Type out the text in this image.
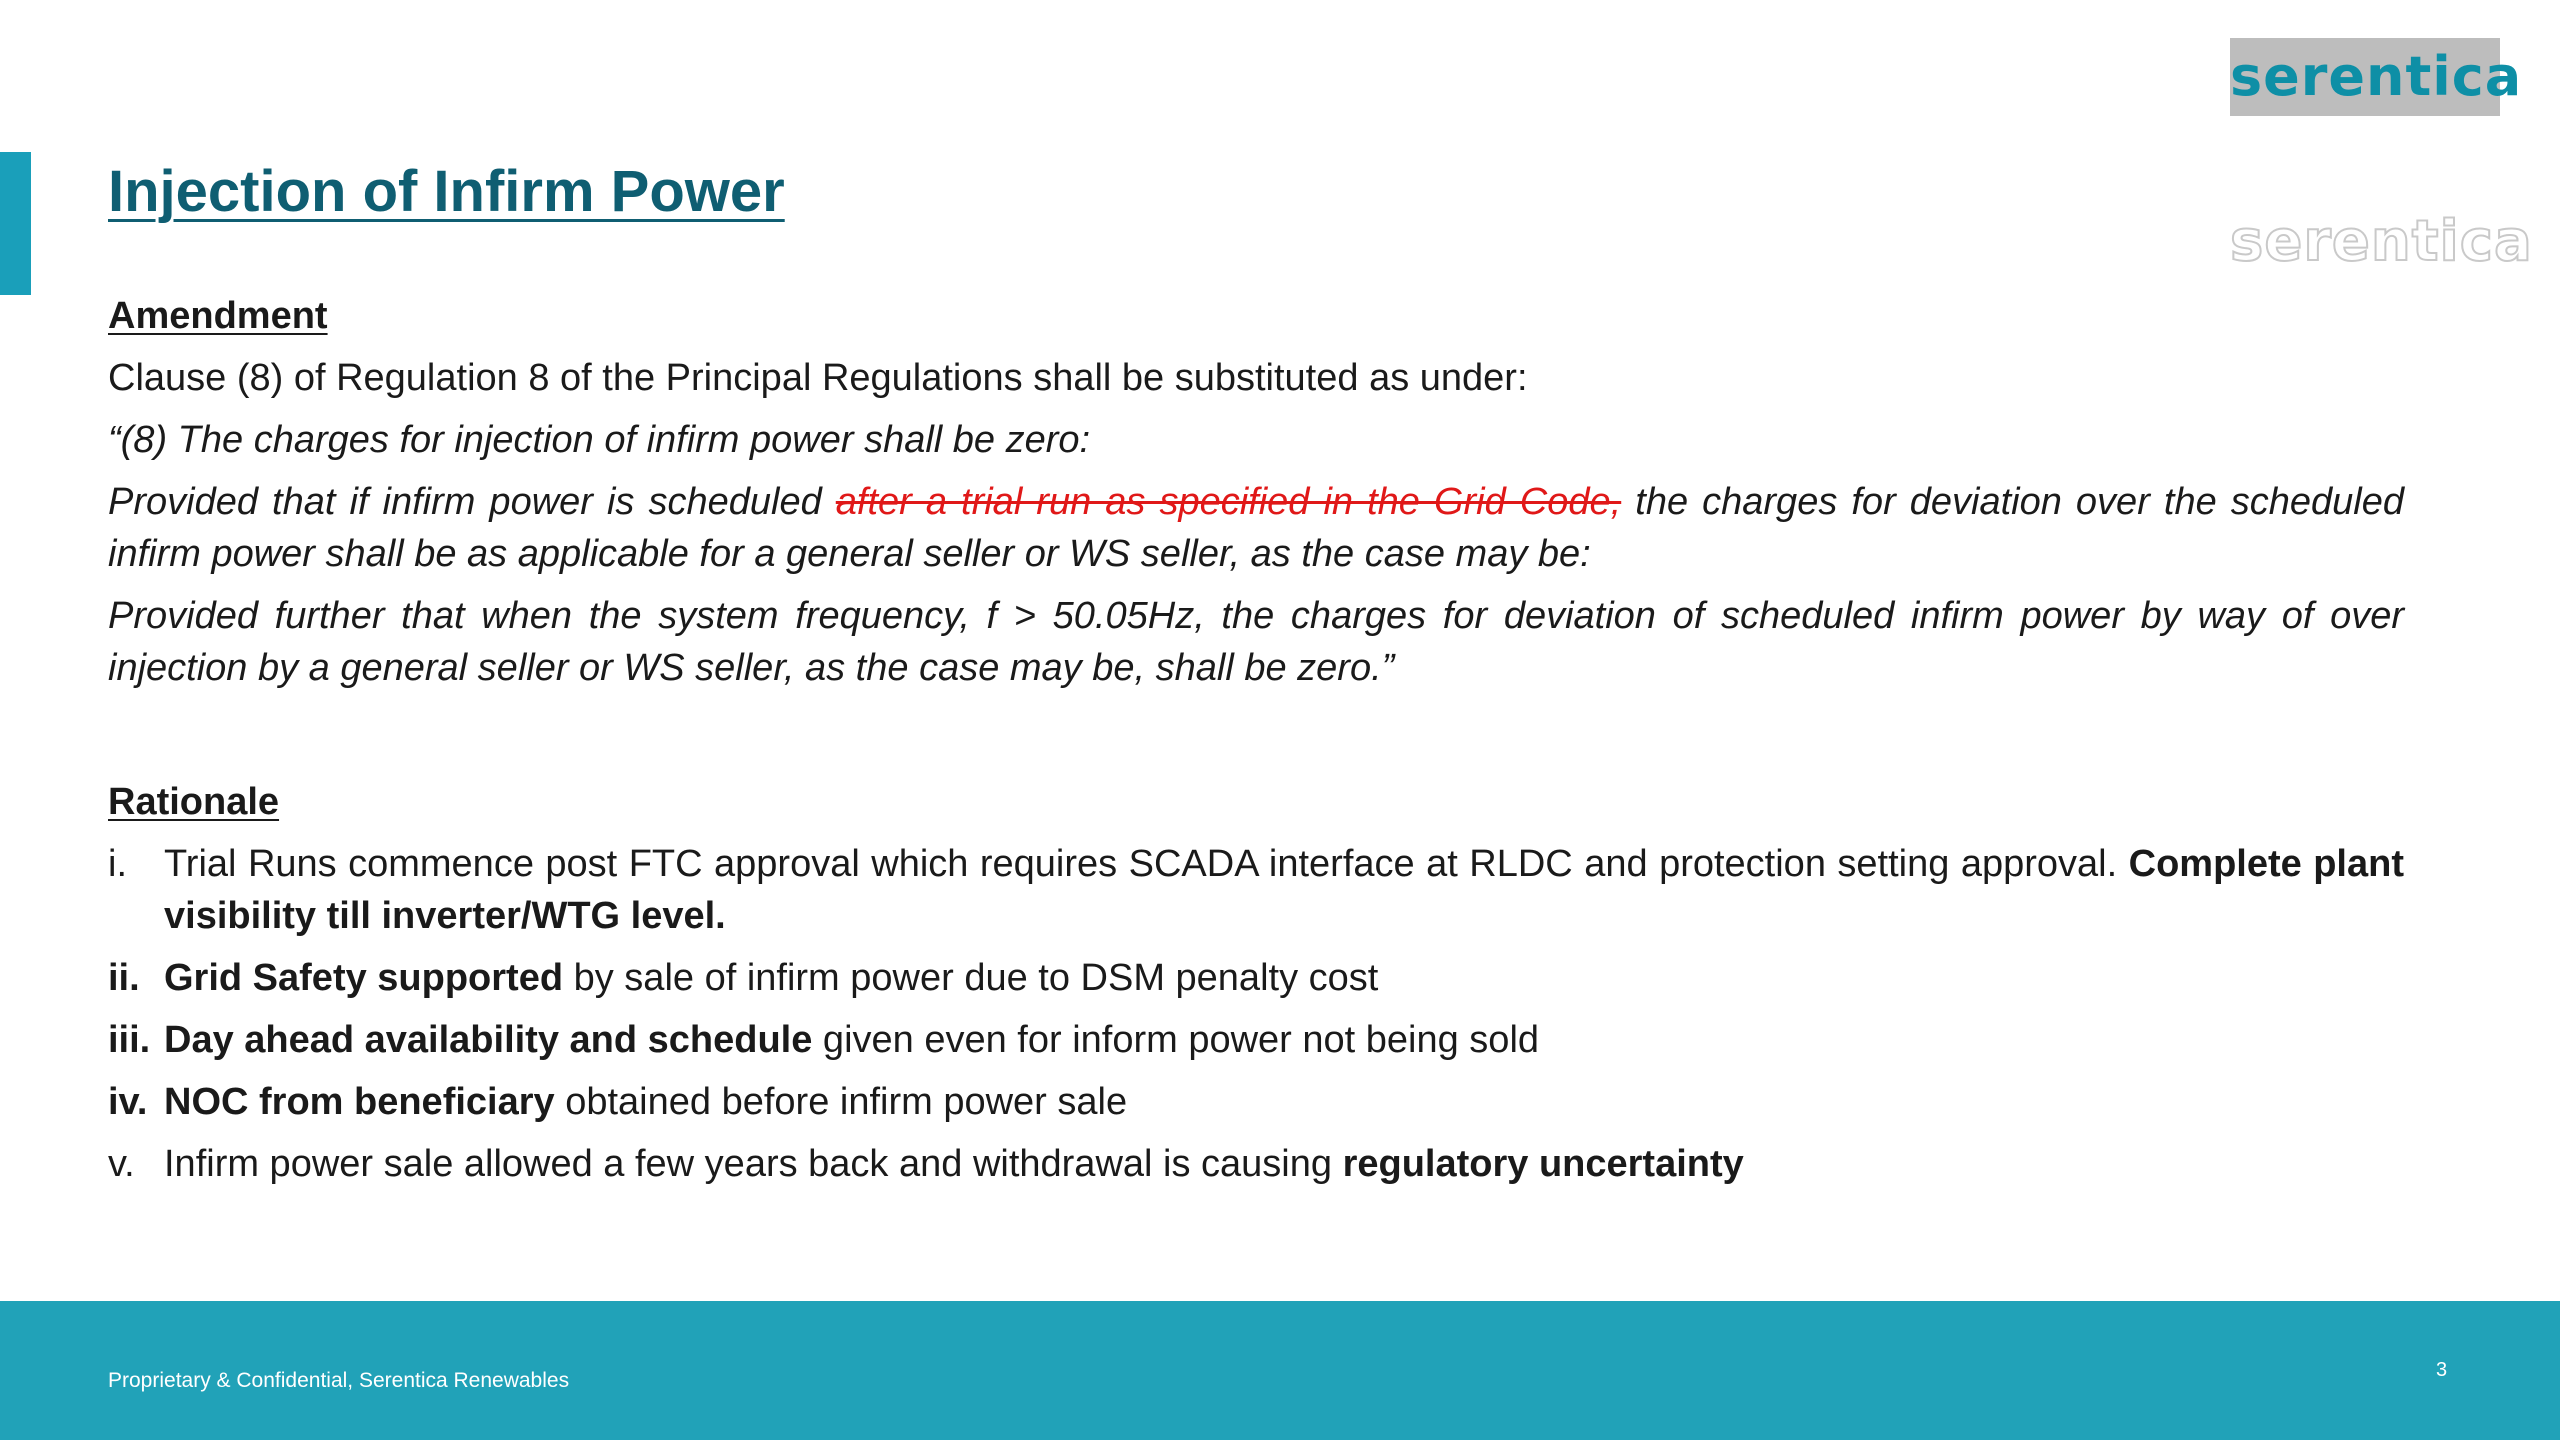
serentica
serentica
Injection of Infirm Power
Amendment
Clause (8) of Regulation 8 of the Principal Regulations shall be substituted as under:
“(8) The charges for injection of infirm power shall be zero:
Provided that if infirm power is scheduled after a trial run as specified in the Grid Code, the charges for deviation over the scheduled infirm power shall be as applicable for a general seller or WS seller, as the case may be:
Provided further that when the system frequency, f > 50.05Hz, the charges for deviation of scheduled infirm power by way of over injection by a general seller or WS seller, as the case may be, shall be zero.”
Rationale
i. Trial Runs commence post FTC approval which requires SCADA interface at RLDC and protection setting approval. Complete plant visibility till inverter/WTG level.
ii. Grid Safety supported by sale of infirm power due to DSM penalty cost
iii. Day ahead availability and schedule given even for inform power not being sold
iv. NOC from beneficiary obtained before infirm power sale
v. Infirm power sale allowed a few years back and withdrawal is causing regulatory uncertainty
Proprietary & Confidential, Serentica Renewables	3
